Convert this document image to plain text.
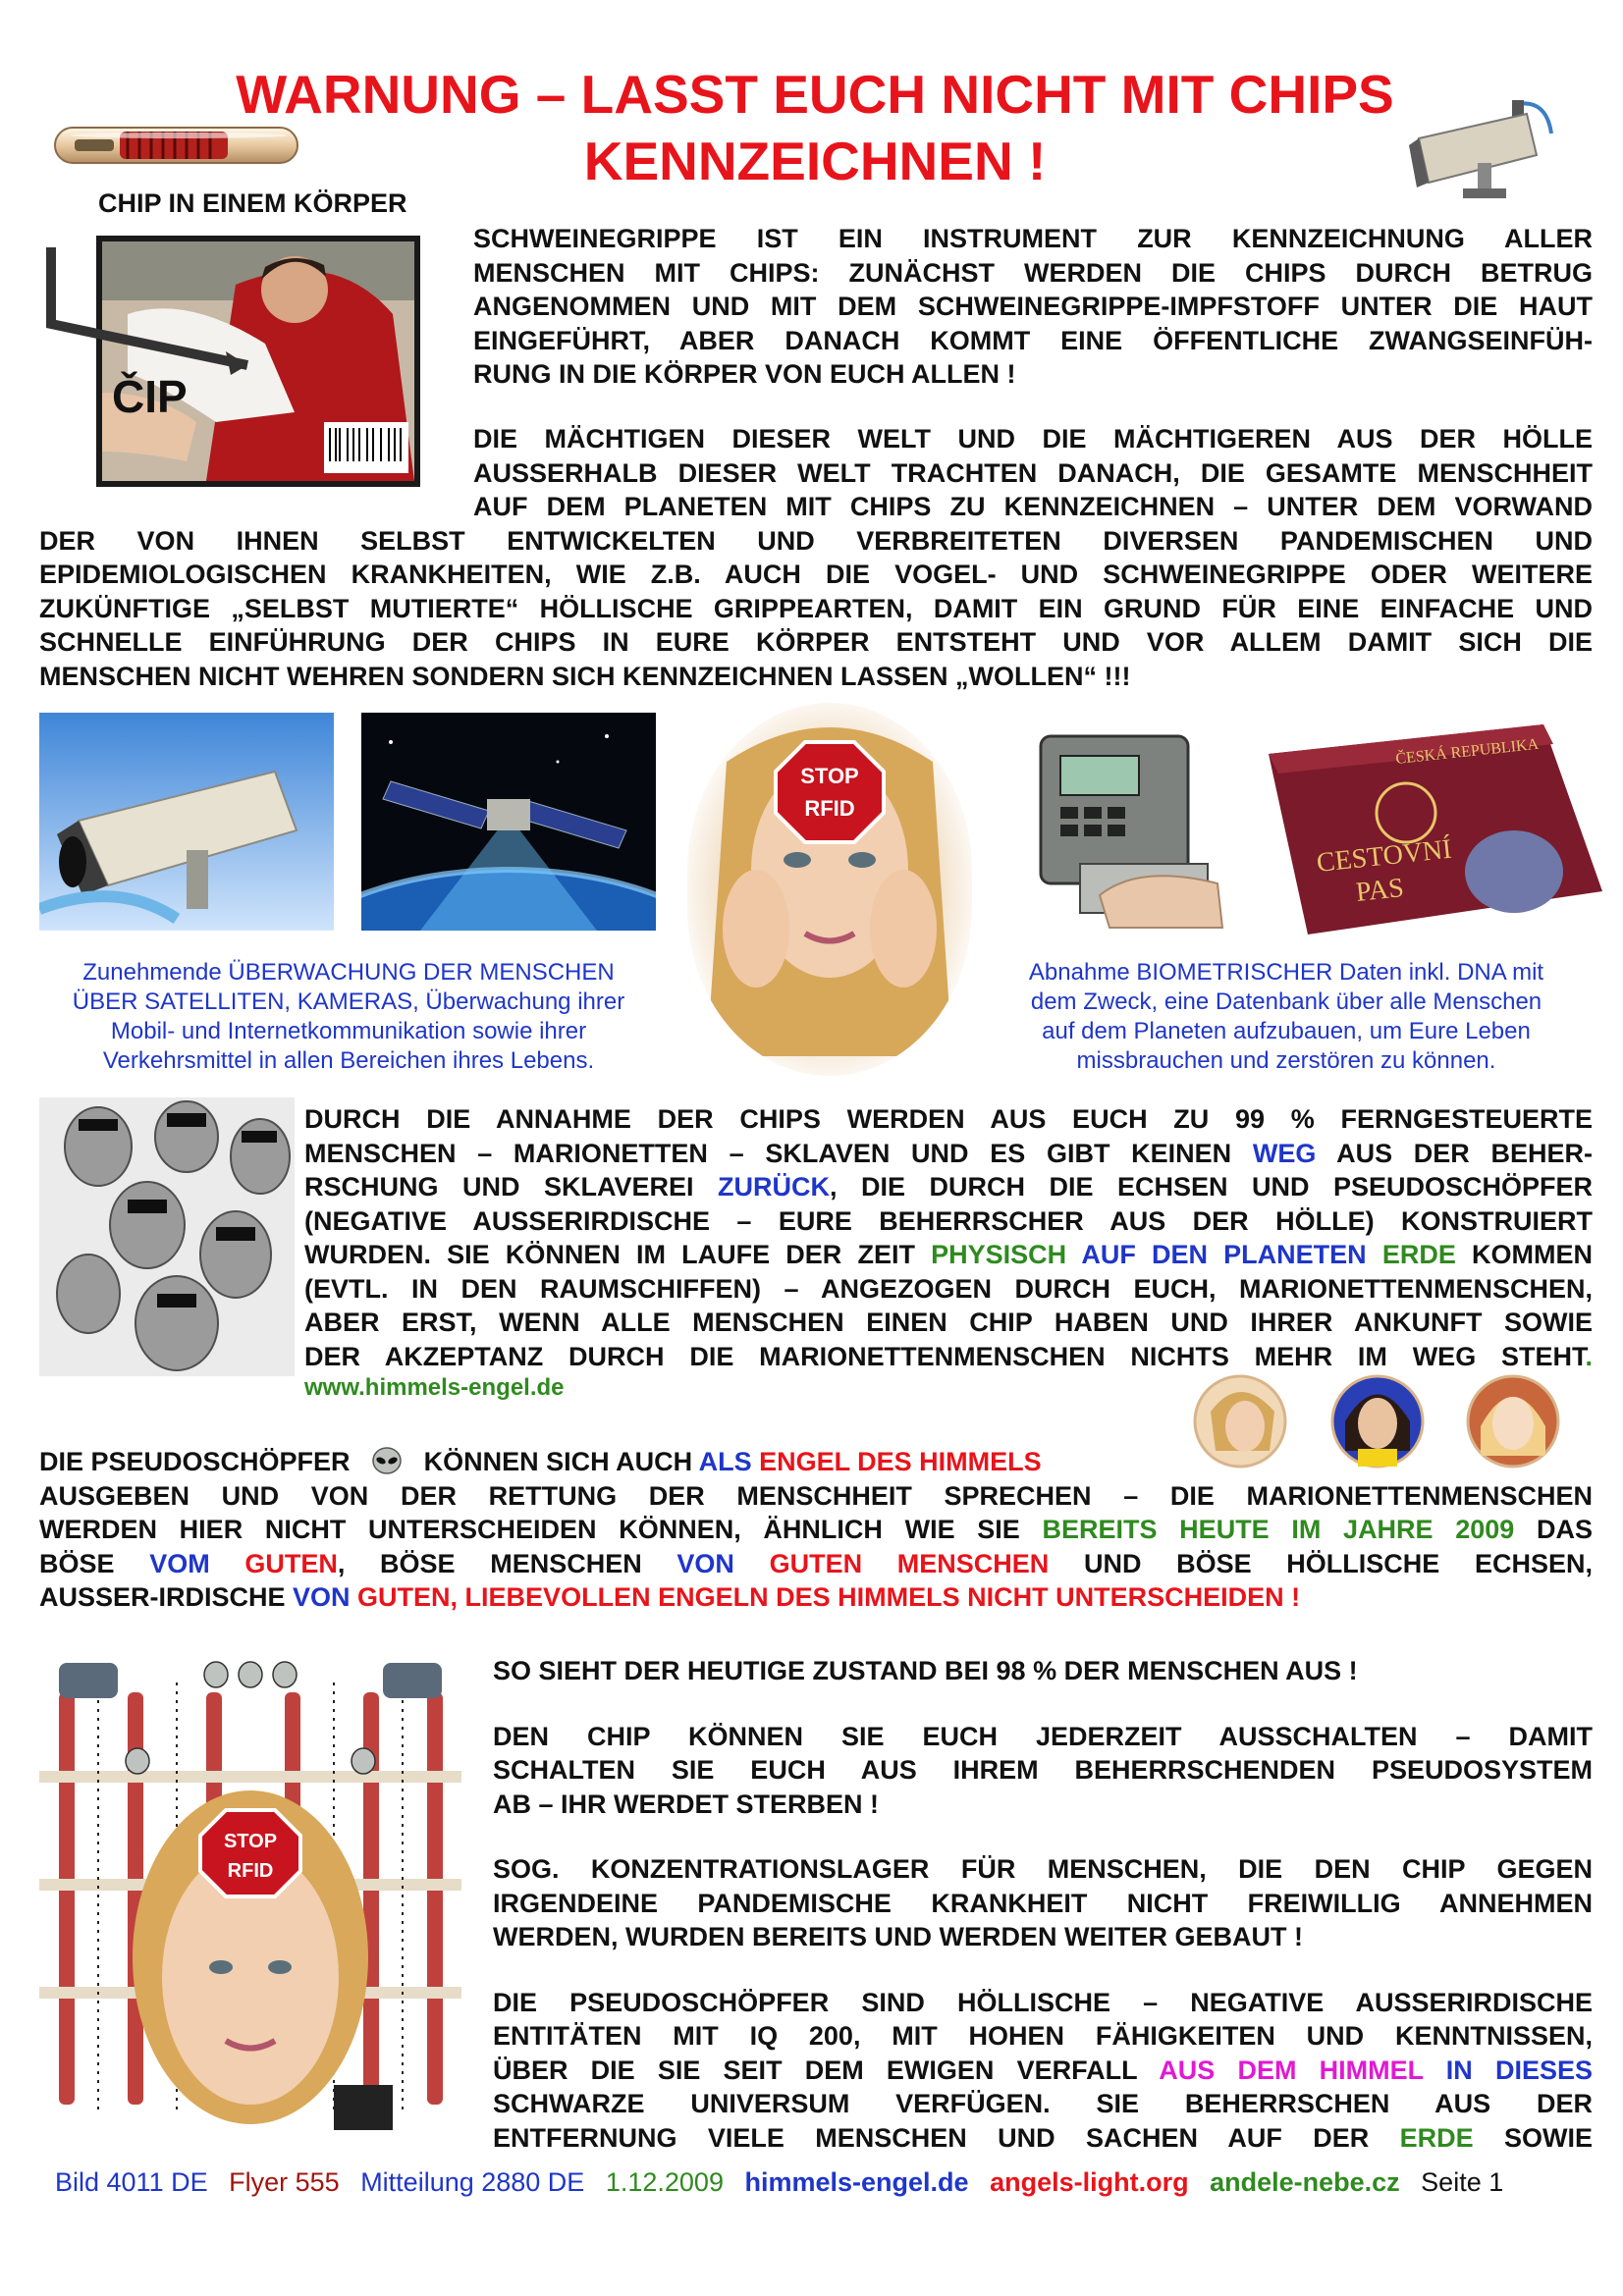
WARNUNG – LASST EUCH NICHT MIT CHIPS
KENNZEICHNEN !
CHIP IN EINEM KÖRPER
ČIP
SCHWEINEGRIPPE IST EIN INSTRUMENT ZUR KENNZEICHNUNG ALLER
MENSCHEN MIT CHIPS: ZUNÄCHST WERDEN DIE CHIPS DURCH BETRUG
ANGENOMMEN UND MIT DEM SCHWEINEGRIPPE-IMPFSTOFF UNTER DIE HAUT
EINGEFÜHRT, ABER DANACH KOMMT EINE ÖFFENTLICHE ZWANGSEINFÜH-
RUNG IN DIE KÖRPER VON EUCH ALLEN !
DIE MÄCHTIGEN DIESER WELT UND DIE MÄCHTIGEREN AUS DER HÖLLE
AUSSERHALB DIESER WELT TRACHTEN DANACH, DIE GESAMTE MENSCHHEIT
AUF DEM PLANETEN MIT CHIPS ZU KENNZEICHNEN – UNTER DEM VORWAND
DER VON IHNEN SELBST ENTWICKELTEN UND VERBREITETEN DIVERSEN PANDEMISCHEN UND
EPIDEMIOLOGISCHEN KRANKHEITEN, WIE Z.B. AUCH DIE VOGEL- UND SCHWEINEGRIPPE ODER WEITERE
ZUKÜNFTIGE „SELBST MUTIERTE“ HÖLLISCHE GRIPPEARTEN, DAMIT EIN GRUND FÜR EINE EINFACHE UND
SCHNELLE EINFÜHRUNG DER CHIPS IN EURE KÖRPER ENTSTEHT UND VOR ALLEM DAMIT SICH DIE
MENSCHEN NICHT WEHREN SONDERN SICH KENNZEICHNEN LASSEN „WOLLEN“ !!!
STOP
RFID
ČESKÁ REPUBLIKA
CESTOVNÍ
PAS
Zunehmende ÜBERWACHUNG DER MENSCHEN
ÜBER SATELLITEN, KAMERAS, Überwachung ihrer
Mobil- und Internetkommunikation sowie ihrer
Verkehrsmittel in allen Bereichen ihres Lebens.
Abnahme BIOMETRISCHER Daten inkl. DNA mit
dem Zweck, eine Datenbank über alle Menschen
auf dem Planeten aufzubauen, um Eure Leben
missbrauchen und zerstören zu können.
DURCH DIE ANNAHME DER CHIPS WERDEN AUS EUCH ZU 99 % FERNGESTEUERTE
MENSCHEN – MARIONETTEN – SKLAVEN UND ES GIBT KEINEN WEG AUS DER BEHER-
RSCHUNG UND SKLAVEREI ZURÜCK, DIE DURCH DIE ECHSEN UND PSEUDOSCHÖPFER
(NEGATIVE AUSSERIRDISCHE – EURE BEHERRSCHER AUS DER HÖLLE) KONSTRUIERT
WURDEN. SIE KÖNNEN IM LAUFE DER ZEIT PHYSISCH AUF DEN PLANETEN ERDE KOMMEN
(EVTL. IN DEN RAUMSCHIFFEN) – ANGEZOGEN DURCH EUCH, MARIONETTENMENSCHEN,
ABER ERST, WENN ALLE MENSCHEN EINEN CHIP HABEN UND IHRER ANKUNFT SOWIE
DER AKZEPTANZ DURCH DIE MARIONETTENMENSCHEN NICHTS MEHR IM WEG STEHT.
www.himmels-engel.de
DIE PSEUDOSCHÖPFER	KÖNNEN SICH AUCH ALS ENGEL DES HIMMELS
AUSGEBEN UND VON DER RETTUNG DER MENSCHHEIT SPRECHEN – DIE MARIONETTENMENSCHEN
WERDEN HIER NICHT UNTERSCHEIDEN KÖNNEN, ÄHNLICH WIE SIE BEREITS HEUTE IM JAHRE 2009 DAS
BÖSE VOM GUTEN, BÖSE MENSCHEN VON GUTEN MENSCHEN UND BÖSE HÖLLISCHE ECHSEN,
AUSSER-IRDISCHE VON GUTEN, LIEBEVOLLEN ENGELN DES HIMMELS NICHT UNTERSCHEIDEN !
STOP
RFID
SO SIEHT DER HEUTIGE ZUSTAND BEI 98 % DER MENSCHEN AUS !
DEN CHIP KÖNNEN SIE EUCH JEDERZEIT AUSSCHALTEN – DAMIT
SCHALTEN SIE EUCH AUS IHREM BEHERRSCHENDEN PSEUDOSYSTEM
AB – IHR WERDET STERBEN !
SOG. KONZENTRATIONSLAGER FÜR MENSCHEN, DIE DEN CHIP GEGEN
IRGENDEINE PANDEMISCHE KRANKHEIT NICHT FREIWILLIG ANNEHMEN
WERDEN, WURDEN BEREITS UND WERDEN WEITER GEBAUT !
DIE PSEUDOSCHÖPFER SIND HÖLLISCHE – NEGATIVE AUSSERIRDISCHE
ENTITÄTEN MIT IQ 200, MIT HOHEN FÄHIGKEITEN UND KENNTNISSEN,
ÜBER DIE SIE SEIT DEM EWIGEN VERFALL AUS DEM HIMMEL IN DIESES
SCHWARZE UNIVERSUM VERFÜGEN. SIE BEHERRSCHEN AUS DER
ENTFERNUNG VIELE MENSCHEN UND SACHEN AUF DER ERDE SOWIE
Bild 4011 DE Flyer 555 Mitteilung 2880 DE 1.12.2009 himmels-engel.de angels-light.org andele-nebe.cz Seite 1
